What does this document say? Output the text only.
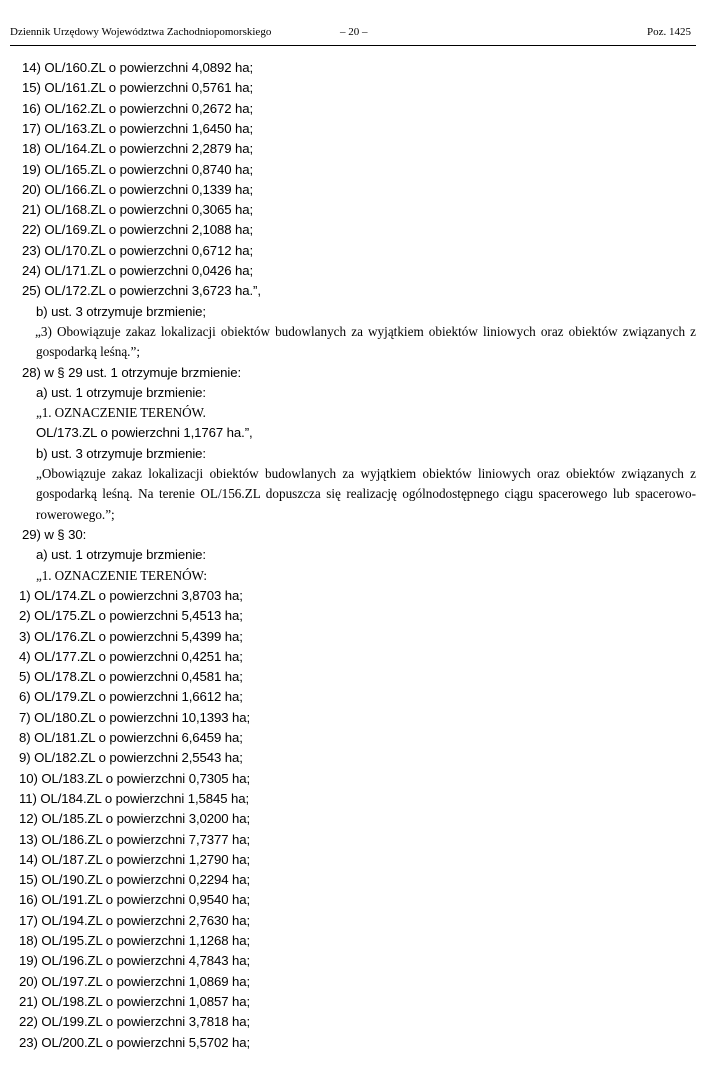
Dziennik Urzędowy Województwa Zachodniopomorskiego	– 20 –	Poz. 1425
14) OL/160.ZL o powierzchni 4,0892 ha;
15) OL/161.ZL o powierzchni 0,5761 ha;
16) OL/162.ZL o powierzchni 0,2672 ha;
17) OL/163.ZL o powierzchni 1,6450 ha;
18) OL/164.ZL o powierzchni 2,2879 ha;
19) OL/165.ZL o powierzchni 0,8740 ha;
20) OL/166.ZL o powierzchni 0,1339 ha;
21) OL/168.ZL o powierzchni 0,3065 ha;
22) OL/169.ZL o powierzchni 2,1088 ha;
23) OL/170.ZL o powierzchni 0,6712 ha;
24) OL/171.ZL o powierzchni 0,0426 ha;
25) OL/172.ZL o powierzchni 3,6723 ha.”,
b) ust. 3 otrzymuje brzmienie;
„3) Obowiązuje zakaz lokalizacji obiektów budowlanych za wyjątkiem obiektów liniowych oraz obiektów związanych z gospodarką leśną.”;
28) w § 29 ust. 1 otrzymuje brzmienie:
a) ust. 1 otrzymuje brzmienie:
„1. OZNACZENIE TERENÓW.
OL/173.ZL o powierzchni 1,1767 ha.”,
b) ust. 3 otrzymuje brzmienie:
„Obowiązuje zakaz lokalizacji obiektów budowlanych za wyjątkiem obiektów liniowych oraz obiektów związanych z gospodarką leśną. Na terenie OL/156.ZL dopuszcza się realizację ogólnodostępnego ciągu spacerowego lub spacerowo-rowerowego.”;
29) w § 30:
a) ust. 1 otrzymuje brzmienie:
„1. OZNACZENIE TERENÓW:
1) OL/174.ZL o powierzchni 3,8703 ha;
2) OL/175.ZL o powierzchni 5,4513 ha;
3) OL/176.ZL o powierzchni 5,4399 ha;
4) OL/177.ZL o powierzchni 0,4251 ha;
5) OL/178.ZL o powierzchni 0,4581 ha;
6) OL/179.ZL o powierzchni 1,6612 ha;
7) OL/180.ZL o powierzchni 10,1393 ha;
8) OL/181.ZL o powierzchni 6,6459 ha;
9) OL/182.ZL o powierzchni 2,5543 ha;
10) OL/183.ZL o powierzchni 0,7305 ha;
11) OL/184.ZL o powierzchni 1,5845 ha;
12) OL/185.ZL o powierzchni 3,0200 ha;
13) OL/186.ZL o powierzchni 7,7377 ha;
14) OL/187.ZL o powierzchni 1,2790 ha;
15) OL/190.ZL o powierzchni 0,2294 ha;
16) OL/191.ZL o powierzchni 0,9540 ha;
17) OL/194.ZL o powierzchni 2,7630 ha;
18) OL/195.ZL o powierzchni 1,1268 ha;
19) OL/196.ZL o powierzchni 4,7843 ha;
20) OL/197.ZL o powierzchni 1,0869 ha;
21) OL/198.ZL o powierzchni 1,0857 ha;
22) OL/199.ZL o powierzchni 3,7818 ha;
23) OL/200.ZL o powierzchni 5,5702 ha;
